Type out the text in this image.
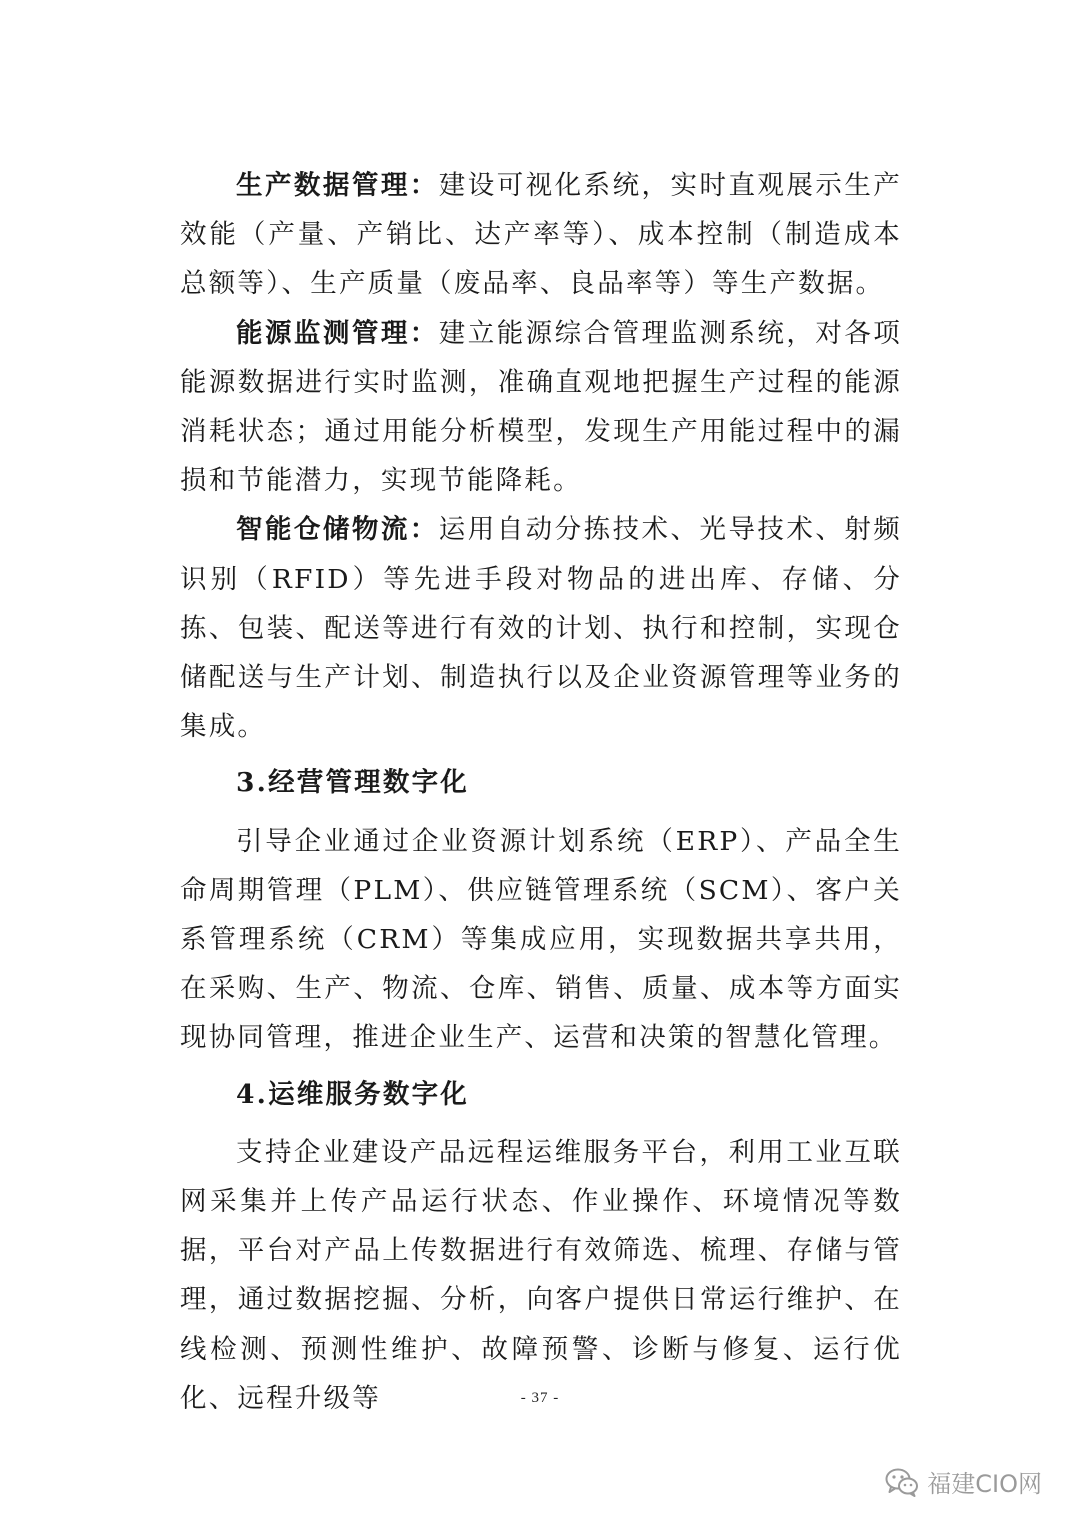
生产数据管理：建设可视化系统，实时直观展示生产效能（产量、产销比、达产率等）、成本控制（制造成本总额等）、生产质量（废品率、良品率等）等生产数据。

能源监测管理：建立能源综合管理监测系统，对各项能源数据进行实时监测，准确直观地把握生产过程的能源消耗状态；通过用能分析模型，发现生产用能过程中的漏损和节能潜力，实现节能降耗。

智能仓储物流：运用自动分拣技术、光导技术、射频识别（RFID）等先进手段对物品的进出库、存储、分拣、包装、配送等进行有效的计划、执行和控制，实现仓储配送与生产计划、制造执行以及企业资源管理等业务的集成。

3.经营管理数字化

引导企业通过企业资源计划系统（ERP）、产品全生命周期管理（PLM）、供应链管理系统（SCM）、客户关系管理系统（CRM）等集成应用，实现数据共享共用，在采购、生产、物流、仓库、销售、质量、成本等方面实现协同管理，推进企业生产、运营和决策的智慧化管理。

4.运维服务数字化

支持企业建设产品远程运维服务平台，利用工业互联网采集并上传产品运行状态、作业操作、环境情况等数据，平台对产品上传数据进行有效筛选、梳理、存储与管理，通过数据挖掘、分析，向客户提供日常运行维护、在线检测、预测性维护、故障预警、诊断与修复、运行优化、远程升级等	- 37 -
福建CIO网
